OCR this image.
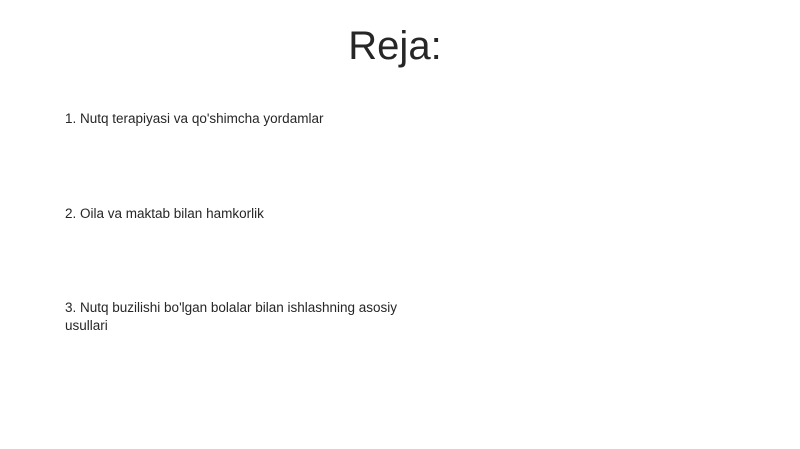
Reja:

1. Nutq terapiyasi va qo'shimcha yordamlar

2. Oila va maktab bilan hamkorlik

3. Nutq buzilishi bo'lgan bolalar bilan ishlashning asosiy usullari
